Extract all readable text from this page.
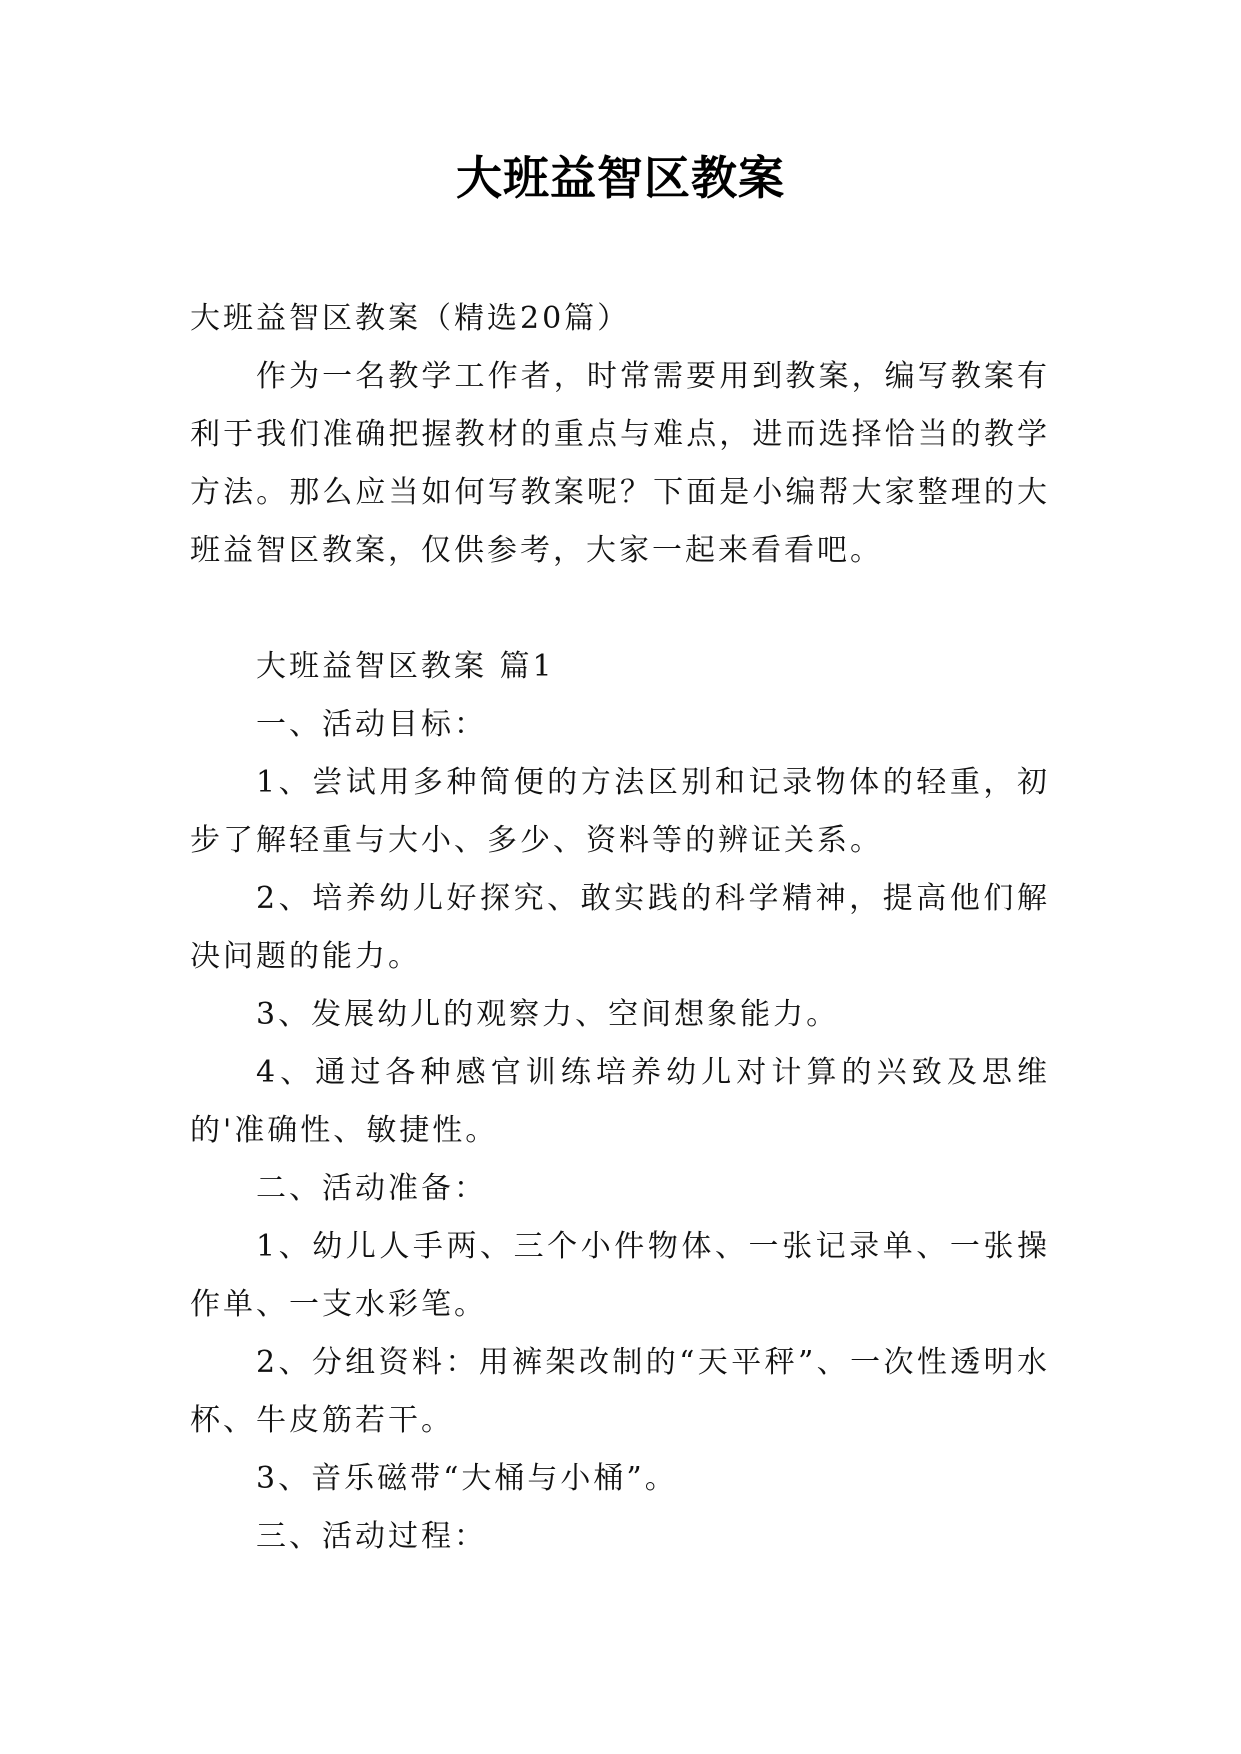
大班益智区教案

大班益智区教案（精选20篇）

作为一名教学工作者，时常需要用到教案，编写教案有利于我们准确把握教材的重点与难点，进而选择恰当的教学方法。那么应当如何写教案呢？下面是小编帮大家整理的大班益智区教案，仅供参考，大家一起来看看吧。

大班益智区教案 篇1

一、活动目标：

1、尝试用多种简便的方法区别和记录物体的轻重，初步了解轻重与大小、多少、资料等的辨证关系。

2、培养幼儿好探究、敢实践的科学精神，提高他们解决问题的能力。

3、发展幼儿的观察力、空间想象能力。

4、通过各种感官训练培养幼儿对计算的兴致及思维的'准确性、敏捷性。

二、活动准备：

1、幼儿人手两、三个小件物体、一张记录单、一张操作单、一支水彩笔。

2、分组资料：用裤架改制的“天平秤”、一次性透明水杯、牛皮筋若干。

3、音乐磁带“大桶与小桶”。

三、活动过程：
